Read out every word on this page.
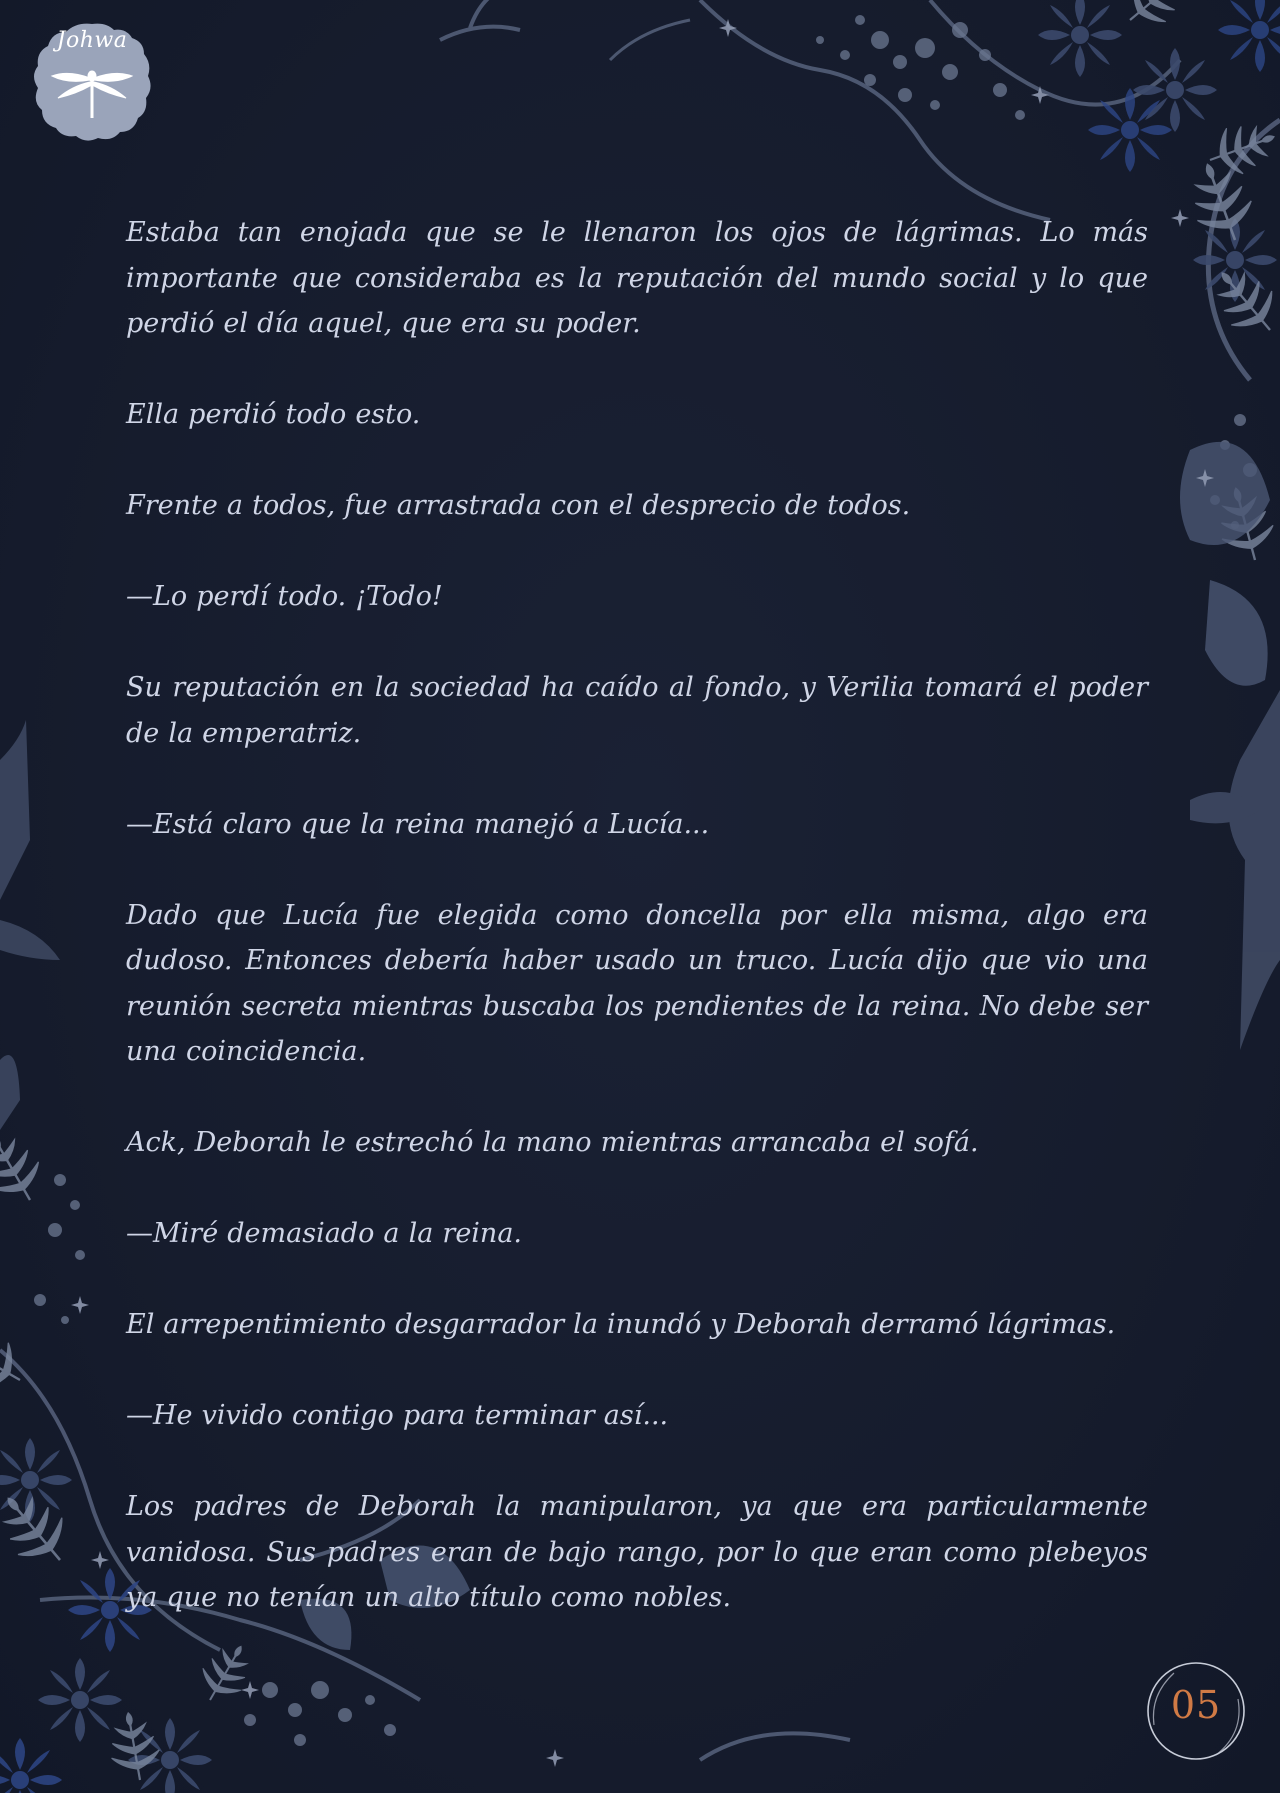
Johwa

Estaba tan enojada que se le llenaron los ojos de lágrimas. Lo más importante que consideraba es la reputación del mundo social y lo que perdió el día aquel, que era su poder.

Ella perdió todo esto.

Frente a todos, fue arrastrada con el desprecio de todos.

—Lo perdí todo. ¡Todo!

Su reputación en la sociedad ha caído al fondo, y Verilia tomará el poder de la emperatriz.

—Está claro que la reina manejó a Lucía...

Dado que Lucía fue elegida como doncella por ella misma, algo era dudoso. Entonces debería haber usado un truco. Lucía dijo que vio una reunión secreta mientras buscaba los pendientes de la reina. No debe ser una coincidencia.

Ack, Deborah le estrechó la mano mientras arrancaba el sofá.

—Miré demasiado a la reina.

El arrepentimiento desgarrador la inundó y Deborah derramó lágrimas.

—He vivido contigo para terminar así...

Los padres de Deborah la manipularon, ya que era particularmente vanidosa. Sus padres eran de bajo rango, por lo que eran como plebeyos ya que no tenían un alto título como nobles.

05
